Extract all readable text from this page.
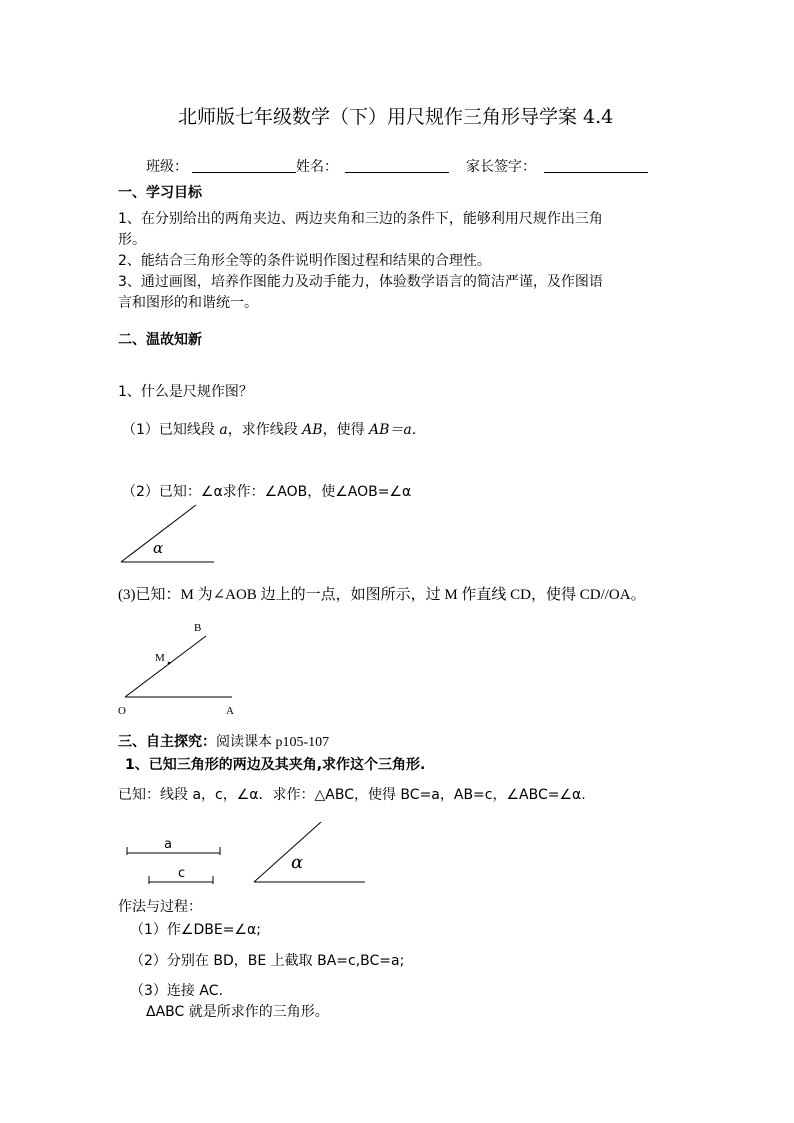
北师版七年级数学（下）用尺规作三角形导学案 4.4
班级：	姓名：	家长签字：
一、学习目标
1、在分别给出的两角夹边、两边夹角和三边的条件下，能够利用尺规作出三角
形。
2、能结合三角形全等的条件说明作图过程和结果的合理性。
3、通过画图，培养作图能力及动手能力，体验数学语言的简洁严谨，及作图语
言和图形的和谐统一。
二、温故知新
1、什么是尺规作图？
（1）已知线段 a，求作线段 AB，使得 AB＝a.
（2）已知：∠α求作：∠AOB，使∠AOB=∠α
α
(3)已知：M 为∠AOB 边上的一点，如图所示，过 M 作直线 CD，使得 CD//OA。
B
M
O	A
三、自主探究：阅读课本 p105-107
1、已知三角形的两边及其夹角,求作这个三角形.
已知：线段 a，c，∠α．求作：△ABC，使得 BC=a，AB=c，∠ABC=∠α.
a
c
α
作法与过程：
（1）作∠DBE=∠α;
（2）分别在 BD，BE 上截取 BA=c,BC=a;
（3）连接 AC.
ΔABC 就是所求作的三角形。
